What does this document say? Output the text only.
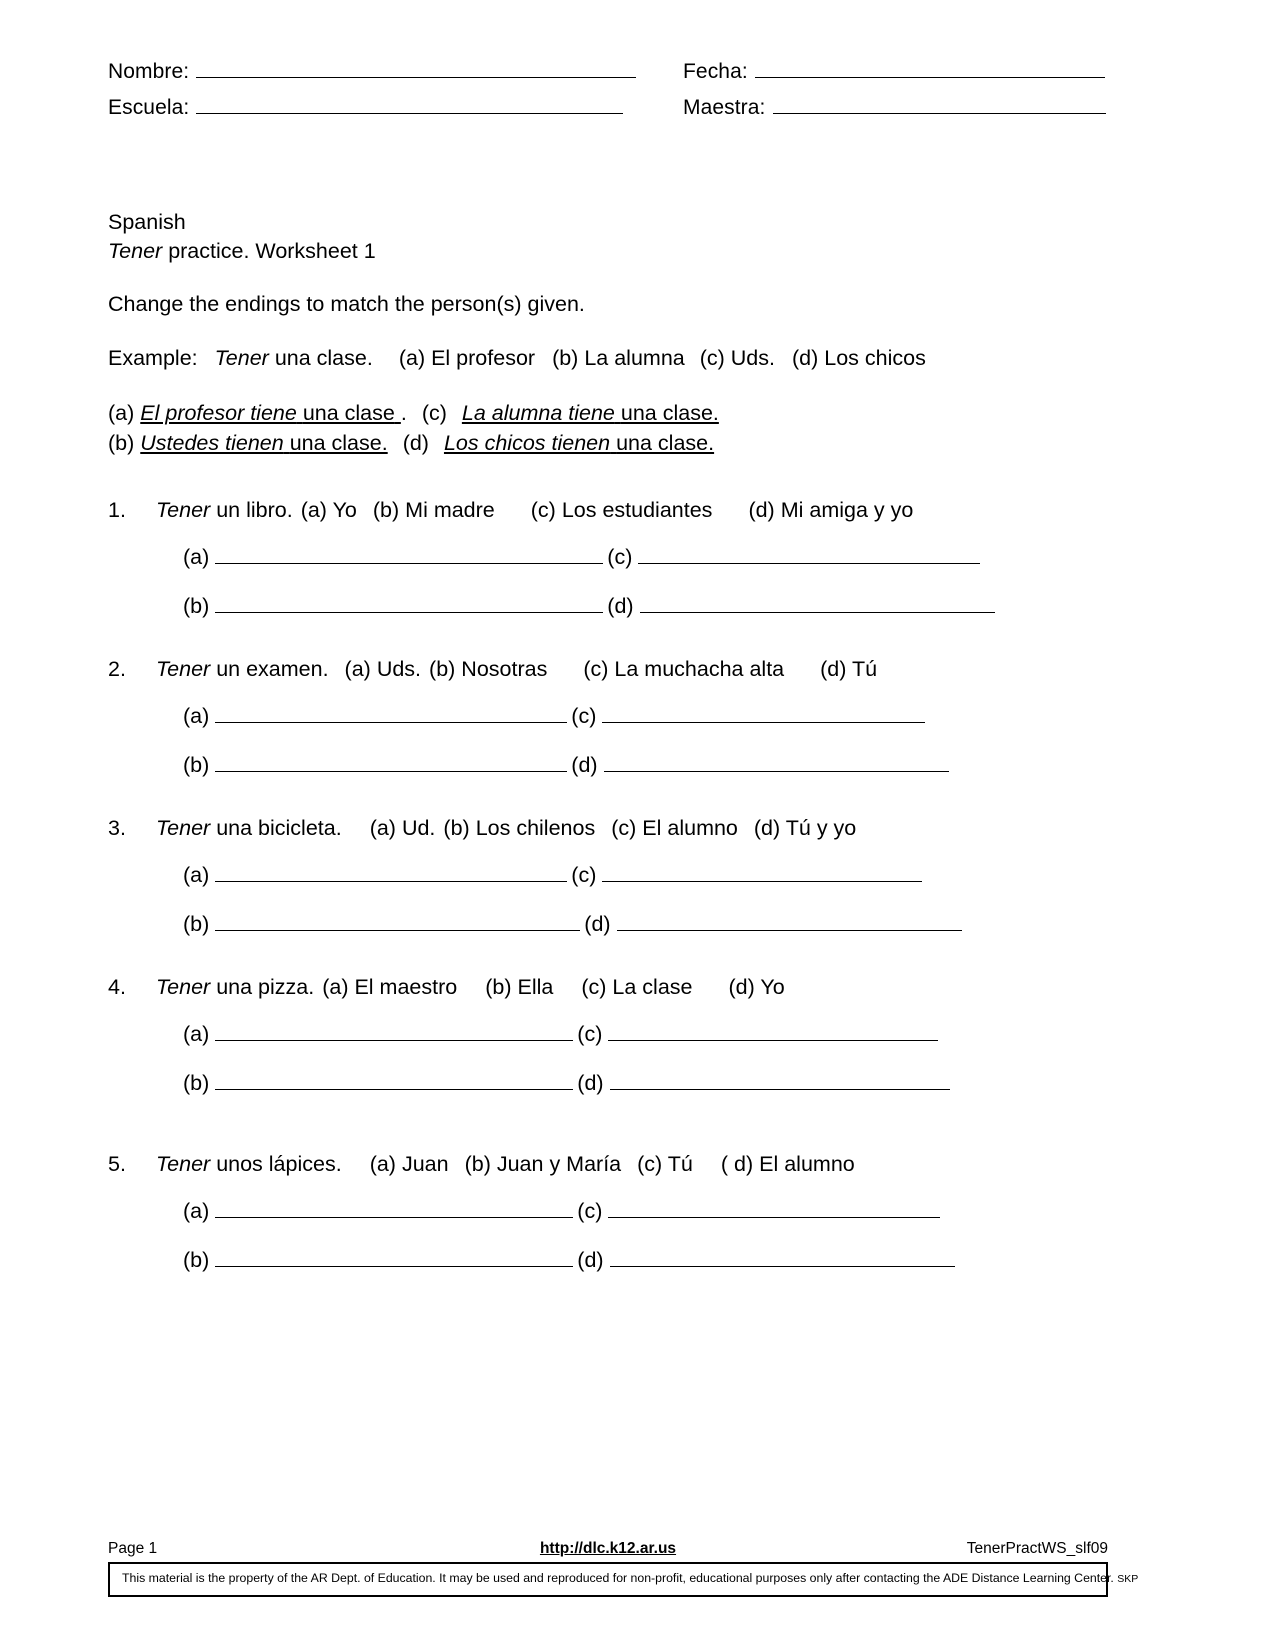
Nombre:	Fecha:
Escuela:	Maestra:
Spanish
Tener practice. Worksheet 1
Change the endings to match the person(s) given.
Example: Tener una clase. (a) El profesor (b) La alumna (c) Uds. (d) Los chicos
(a) El profesor tiene una clase . (c) La alumna tiene una clase.
(b) Ustedes tienen una clase. (d) Los chicos tienen una clase.
1.	Tener un libro. (a) Yo (b) Mi madre (c) Los estudiantes (d) Mi amiga y yo
(a)	(c)
(b)	(d)
2.	Tener un examen. (a) Uds. (b) Nosotras (c) La muchacha alta (d) Tú
(a)	(c)
(b)	(d)
3.	Tener una bicicleta. (a) Ud. (b) Los chilenos (c) El alumno (d) Tú y yo
(a)	(c)
(b)	(d)
4.	Tener una pizza. (a) El maestro (b) Ella (c) La clase (d) Yo
(a)	(c)
(b)	(d)
5.	Tener unos lápices. (a) Juan (b) Juan y María (c) Tú ( d) El alumno
(a)	(c)
(b)	(d)
Page 1	http://dlc.k12.ar.us	TenerPractWS_slf09
This material is the property of the AR Dept. of Education. It may be used and reproduced for non-profit, educational purposes only after contacting the ADE Distance Learning Center. SKP
